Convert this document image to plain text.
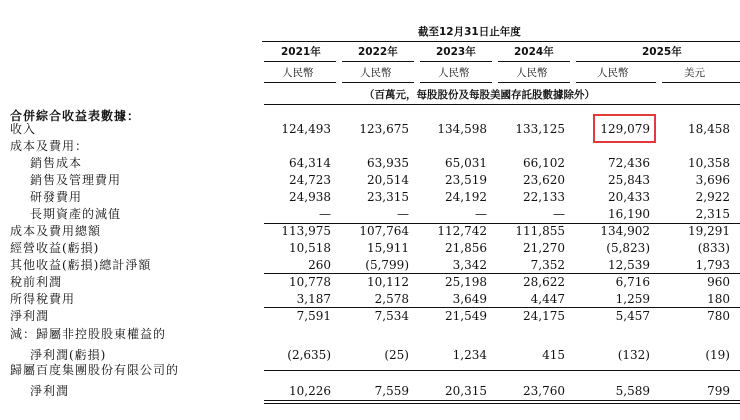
截至12月31日止年度
2021年	2022年	2023年	2024年	2025年
人民幣	人民幣	人民幣	人民幣	人民幣	美元
（百萬元，每股股份及每股美國存託股數據除外）
合併綜合收益表數據：
收入	124,493	123,675	134,598	133,125	129,079	18,458
成本及費用：
銷售成本	64,314	63,935	65,031	66,102	72,436	10,358
銷售及管理費用	24,723	20,514	23,519	23,620	25,843	3,696
研發費用	24,938	23,315	24,192	22,133	20,433	2,922
長期資產的減值	—	—	—	—	16,190	2,315
成本及費用總額	113,975	107,764	112,742	111,855	134,902	19,291
經營收益(虧損)	10,518	15,911	21,856	21,270	(5,823)	(833)
其他收益(虧損)總計淨額	260	(5,799)	3,342	7,352	12,539	1,793
稅前利潤	10,778	10,112	25,198	28,622	6,716	960
所得稅費用	3,187	2,578	3,649	4,447	1,259	180
淨利潤	7,591	7,534	21,549	24,175	5,457	780
減：歸屬非控股股東權益的
淨利潤(虧損)	(2,635)	(25)	1,234	415	(132)	(19)
歸屬百度集團股份有限公司的
淨利潤	10,226	7,559	20,315	23,760	5,589	799
